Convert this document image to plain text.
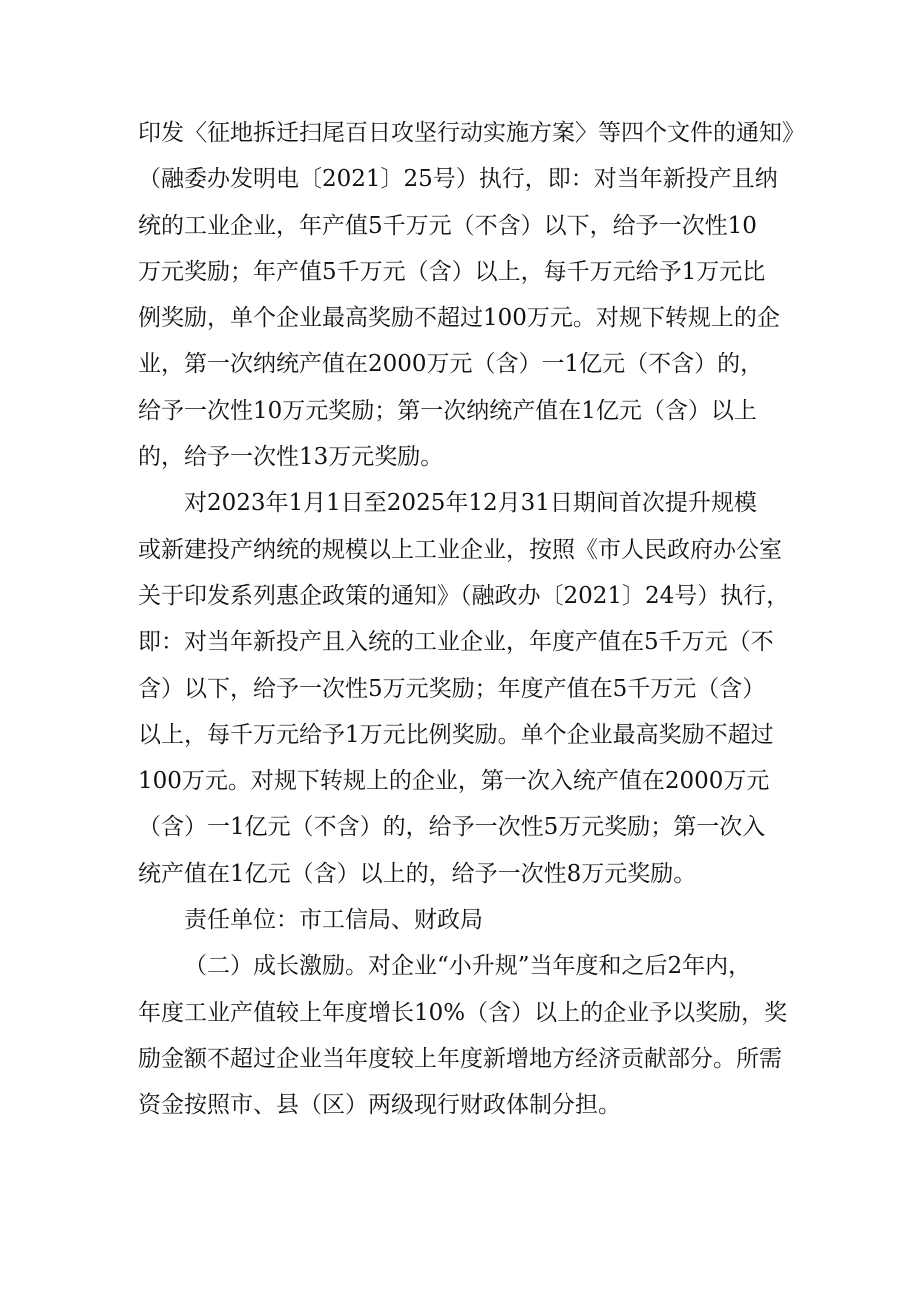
印发〈征地拆迁扫尾百日攻坚行动实施方案〉等四个文件的通知》
（融委办发明电〔2021〕25号）执行，即：对当年新投产且纳
统的工业企业，年产值5千万元（不含）以下，给予一次性10
万元奖励；年产值5千万元（含）以上，每千万元给予1万元比
例奖励，单个企业最高奖励不超过100万元。对规下转规上的企
业，第一次纳统产值在2000万元（含）一1亿元（不含）的，
给予一次性10万元奖励；第一次纳统产值在1亿元（含）以上
的，给予一次性13万元奖励。
对2023年1月1日至2025年12月31日期间首次提升规模
或新建投产纳统的规模以上工业企业，按照《市人民政府办公室
关于印发系列惠企政策的通知》（融政办〔2021〕24号）执行，
即：对当年新投产且入统的工业企业，年度产值在5千万元（不
含）以下，给予一次性5万元奖励；年度产值在5千万元（含）
以上，每千万元给予1万元比例奖励。单个企业最高奖励不超过
100万元。对规下转规上的企业，第一次入统产值在2000万元
（含）一1亿元（不含）的，给予一次性5万元奖励；第一次入
统产值在1亿元（含）以上的，给予一次性8万元奖励。
责任单位：市工信局、财政局
（二）成长激励。对企业“小升规”当年度和之后2年内，
年度工业产值较上年度增长10%（含）以上的企业予以奖励，奖
励金额不超过企业当年度较上年度新增地方经济贡献部分。所需
资金按照市、县（区）两级现行财政体制分担。
